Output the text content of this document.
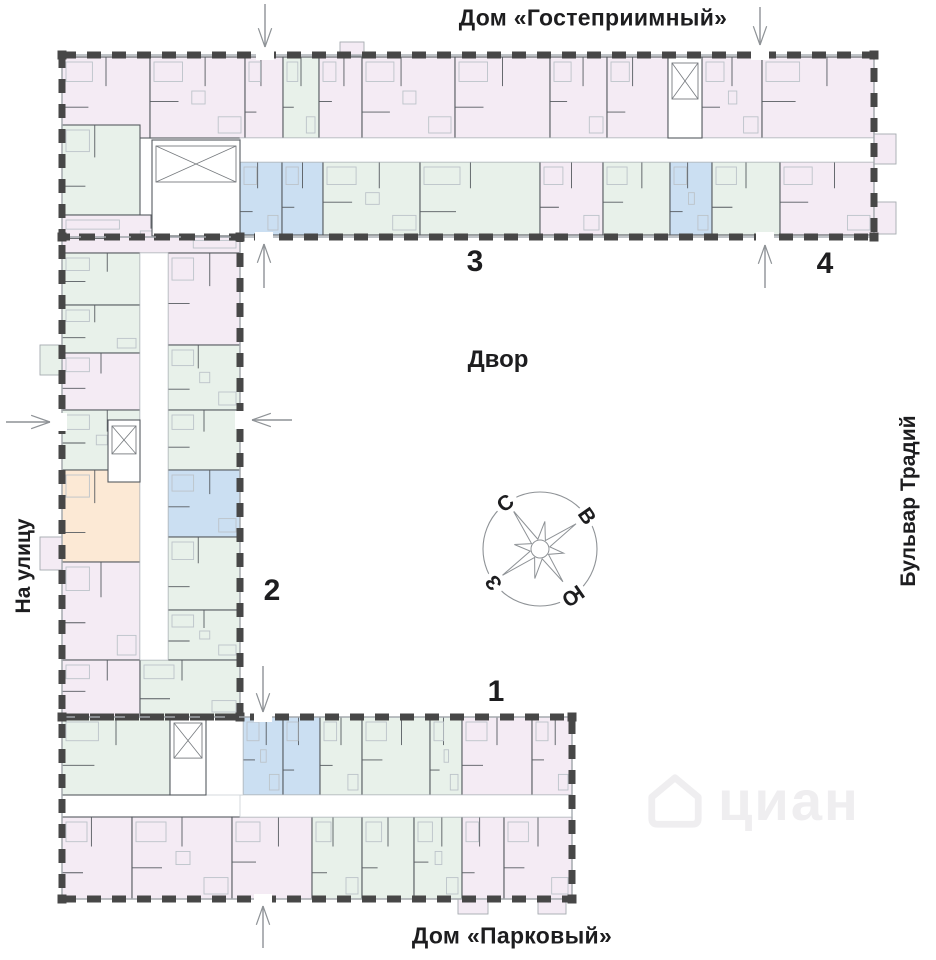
С	В
З Ю
Дом «Гостеприимный»
Дом «Парковый»
Бульвар Традий
На улицу
Двор
1
2
3	4
циан
